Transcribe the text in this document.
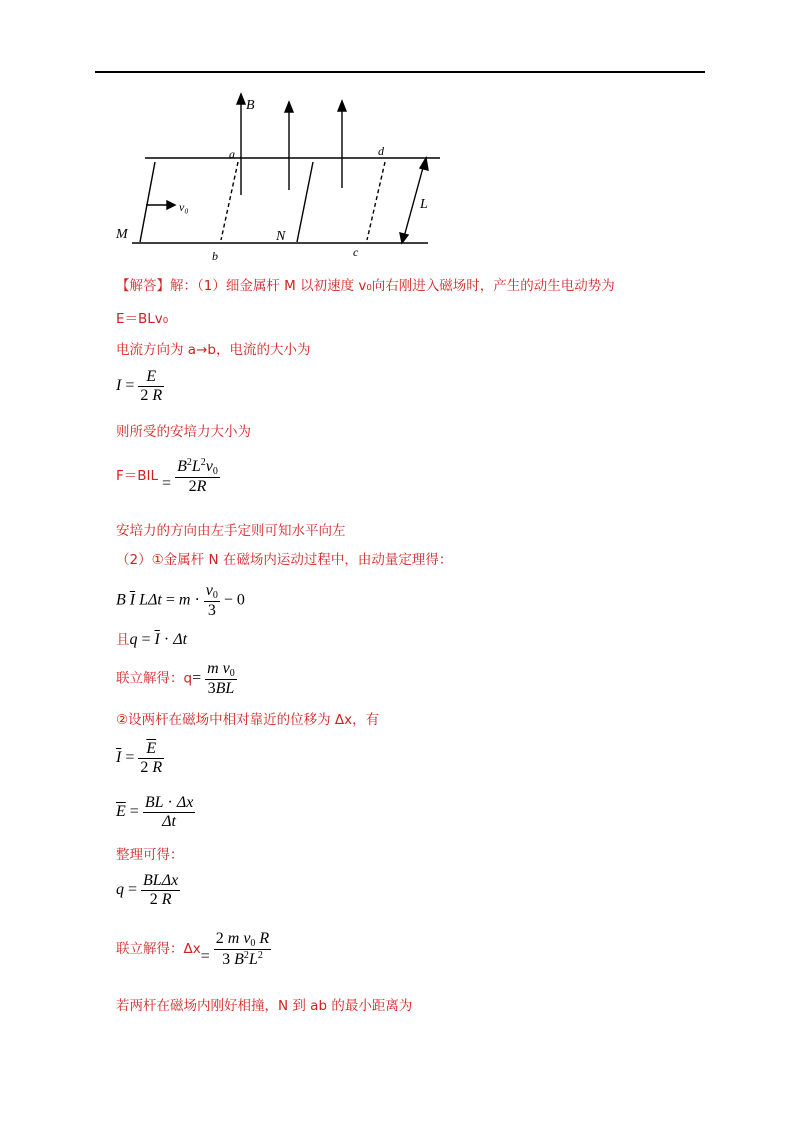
B
a
b	c
d
M	N
L
v₀
【解答】解：（1）细金属杆 M 以初速度 v₀向右刚进入磁场时，产生的动生电动势为
E＝BLv₀
电流方向为 a→b，电流的大小为
$I = \frac{E}{2 R}$
则所受的安培力大小为
$F=BIL = \frac{B^2L^2v_0}{2R}$
安培力的方向由左手定则可知水平向左
（2）①金属杆 N 在磁场内运动过程中，由动量定理得：
B $\overline{I}$ $L\Delta t = m \cdot \frac{v_0}{3} - 0$
且$q = \overline{I} \cdot \Delta t$
联立解得：$q= \frac{m v_0}{3BL}$
②设两杆在磁场中相对靠近的位移为 Δx，有
$\overline{I} = \frac{\overline{E}}{2 R}$
$\overline{E} = \frac{BL \cdot \Delta x}{\Delta t}$
整理可得：
$q = \frac{\text{BLΔx}}{2 R}$
联立解得：$\Delta x= \frac{2 m v_0 R}{3 B^2L^2}$
若两杆在磁场内刚好相撞，N 到 ab 的最小距离为
